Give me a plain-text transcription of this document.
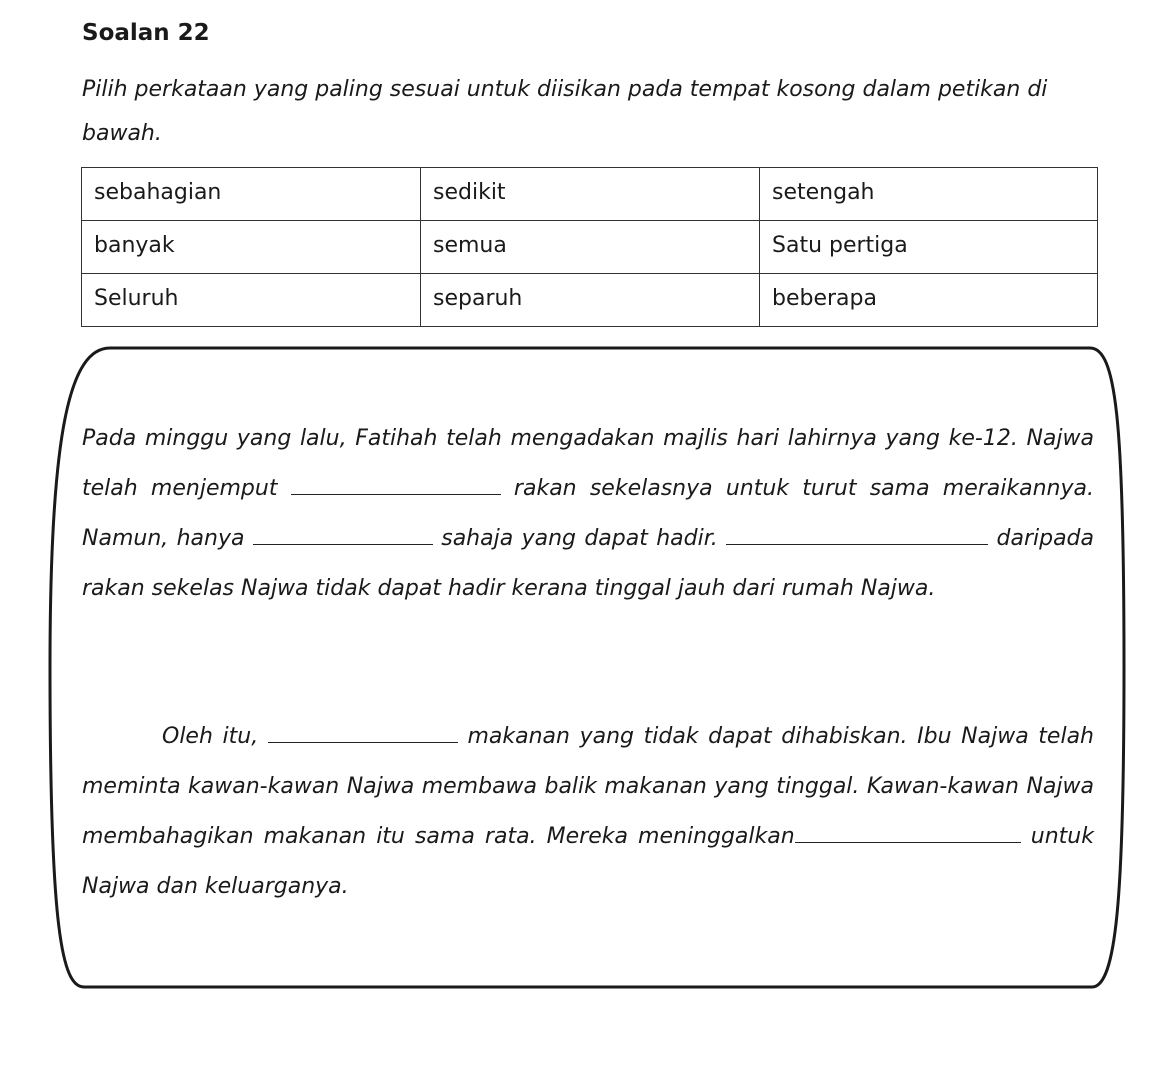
Soalan 22

Pilih perkataan yang paling sesuai untuk diisikan pada tempat kosong dalam petikan di bawah.

sebahagian	sedikit	setengah
banyak	semua	Satu pertiga
Seluruh	separuh	beberapa

Pada minggu yang lalu, Fatihah telah mengadakan majlis hari lahirnya yang ke-12. Najwa telah menjemput	rakan sekelasnya untuk turut sama meraikannya. Namun, hanya	sahaja yang dapat hadir.	daripada rakan sekelas Najwa tidak dapat hadir kerana tinggal jauh dari rumah Najwa.

Oleh itu,	makanan yang tidak dapat dihabiskan. Ibu Najwa telah meminta kawan-kawan Najwa membawa balik makanan yang tinggal. Kawan-kawan Najwa membahagikan makanan itu sama rata. Mereka meninggalkan	untuk Najwa dan keluarganya.
